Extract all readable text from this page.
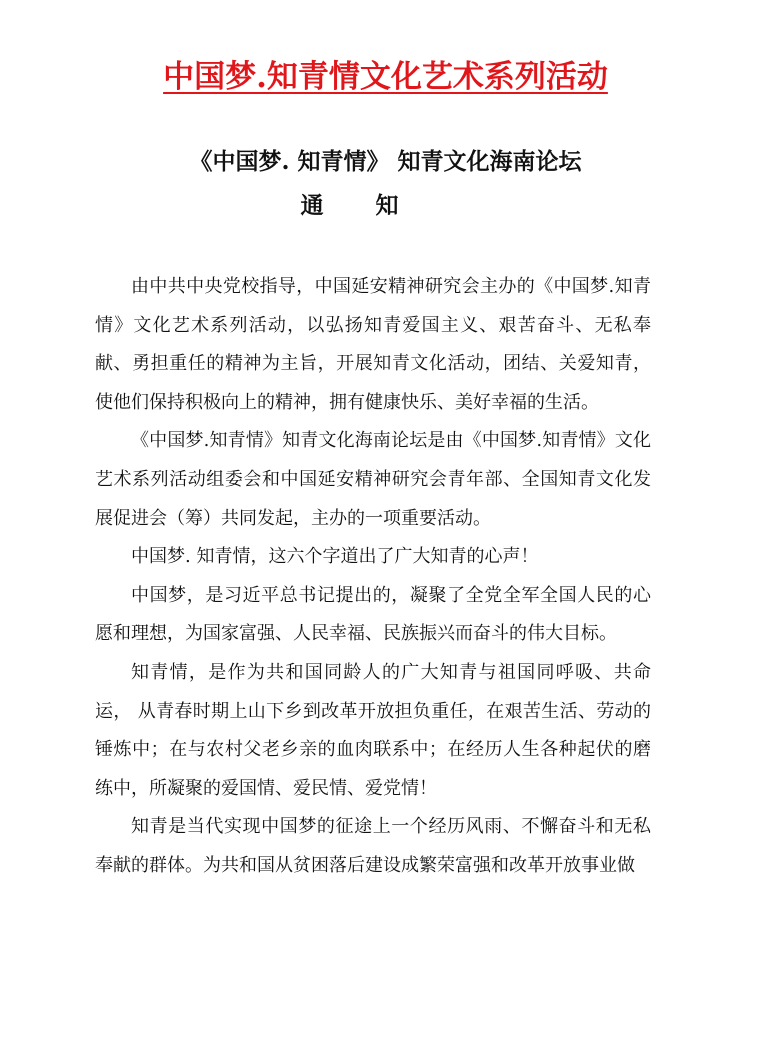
中国梦.知青情文化艺术系列活动
《中国梦. 知青情》 知青文化海南论坛
通 知

由中共中央党校指导，中国延安精神研究会主办的《中国梦.知青情》文化艺术系列活动，以弘扬知青爱国主义、艰苦奋斗、无私奉献、勇担重任的精神为主旨，开展知青文化活动，团结、关爱知青，使他们保持积极向上的精神，拥有健康快乐、美好幸福的生活。

《中国梦.知青情》知青文化海南论坛是由《中国梦.知青情》文化艺术系列活动组委会和中国延安精神研究会青年部、全国知青文化发展促进会（筹）共同发起，主办的一项重要活动。

中国梦. 知青情，这六个字道出了广大知青的心声！

中国梦，是习近平总书记提出的，凝聚了全党全军全国人民的心愿和理想，为国家富强、人民幸福、民族振兴而奋斗的伟大目标。

知青情，是作为共和国同龄人的广大知青与祖国同呼吸、共命运， 从青春时期上山下乡到改革开放担负重任，在艰苦生活、劳动的锤炼中；在与农村父老乡亲的血肉联系中；在经历人生各种起伏的磨练中，所凝聚的爱国情、爱民情、爱党情！

知青是当代实现中国梦的征途上一个经历风雨、不懈奋斗和无私奉献的群体。为共和国从贫困落后建设成繁荣富强和改革开放事业做
